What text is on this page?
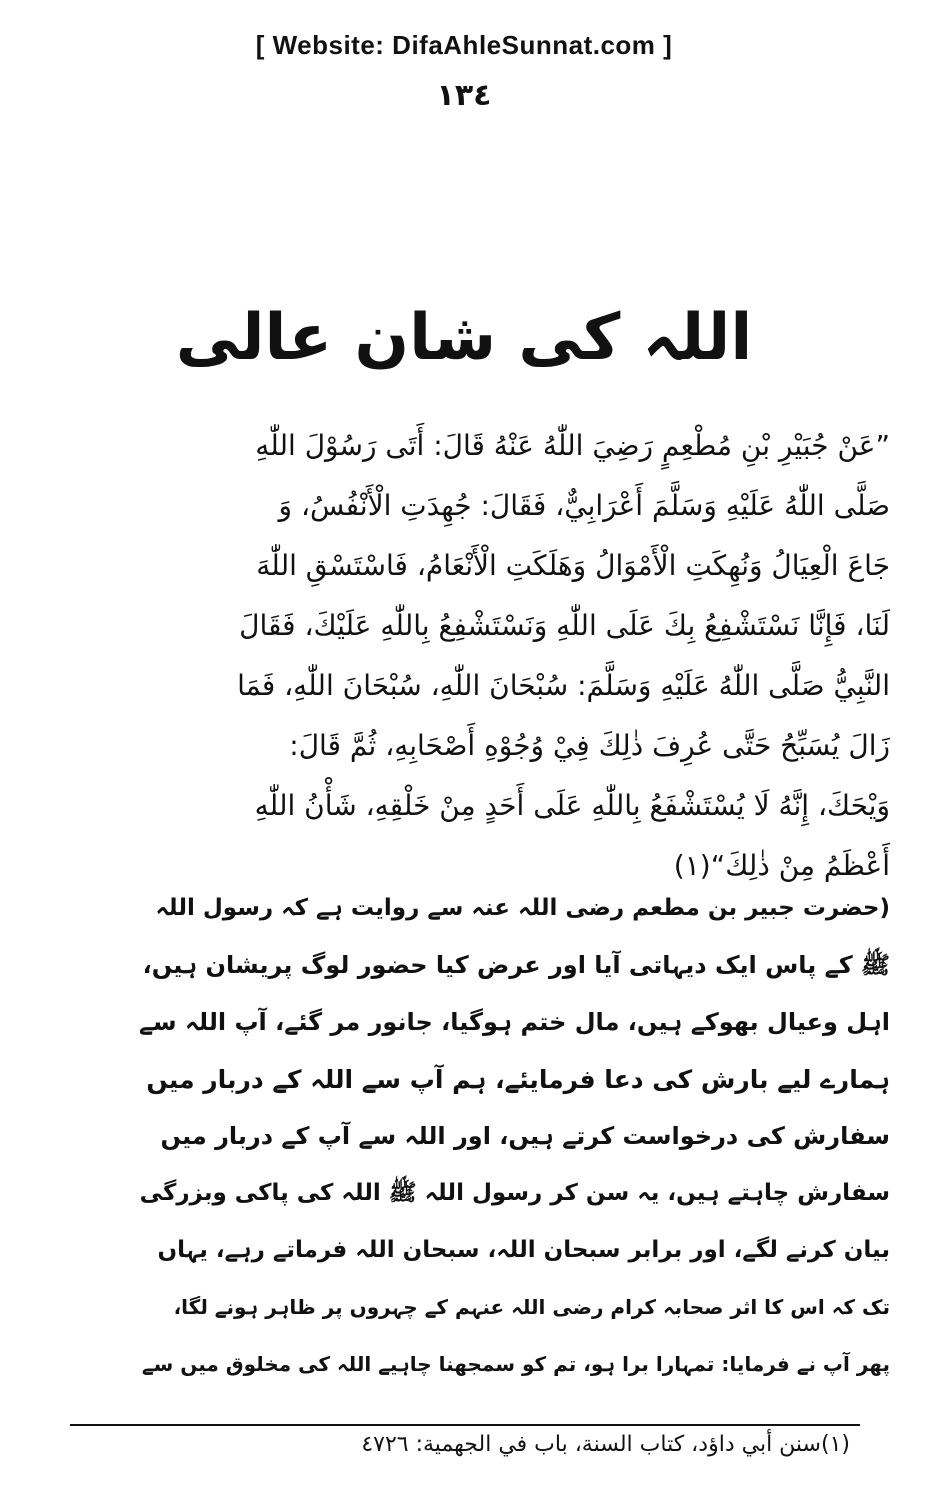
[ Website: DifaAhleSunnat.com ]
١٣٤
اللہ کی شان عالی
”عَنْ جُبَيْرِ بْنِ مُطْعِمٍ رَضِيَ اللّٰهُ عَنْهُ قَالَ: أَتَى رَسُوْلَ اللّٰهِ
صَلَّى اللّٰهُ عَلَيْهِ وَسَلَّمَ أَعْرَابِيٌّ، فَقَالَ: جُهِدَتِ الْأَنْفُسُ، وَ
جَاعَ الْعِيَالُ وَنُهِكَتِ الْأَمْوَالُ وَهَلَكَتِ الْأَنْعَامُ، فَاسْتَسْقِ اللّٰهَ
لَنَا، فَإِنَّا نَسْتَشْفِعُ بِكَ عَلَى اللّٰهِ وَنَسْتَشْفِعُ بِاللّٰهِ عَلَيْكَ، فَقَالَ
النَّبِيُّ صَلَّى اللّٰهُ عَلَيْهِ وَسَلَّمَ: سُبْحَانَ اللّٰهِ، سُبْحَانَ اللّٰهِ، فَمَا
زَالَ يُسَبِّحُ حَتَّى عُرِفَ ذٰلِكَ فِيْ وُجُوْهِ أَصْحَابِهِ، ثُمَّ قَالَ:
وَيْحَكَ، إِنَّهُ لَا يُسْتَشْفَعُ بِاللّٰهِ عَلَى أَحَدٍ مِنْ خَلْقِهِ، شَأْنُ اللّٰهِ
أَعْظَمُ مِنْ ذٰلِكَ“(١)
(حضرت جبیر بن مطعم رضی اللہ عنہ سے روایت ہے کہ رسول اللہ
ﷺ کے پاس ایک دیہاتی آیا اور عرض کیا حضور لوگ پریشان ہیں،
اہل وعیال بھوکے ہیں، مال ختم ہوگیا، جانور مر گئے، آپ اللہ سے
ہمارے لیے بارش کی دعا فرمایئے، ہم آپ سے اللہ کے دربار میں
سفارش کی درخواست کرتے ہیں، اور اللہ سے آپ کے دربار میں
سفارش چاہتے ہیں، یہ سن کر رسول اللہ ﷺ اللہ کی پاکی وبزرگی
بیان کرنے لگے، اور برابر سبحان اللہ، سبحان اللہ فرماتے رہے، یہاں
تک کہ اس کا اثر صحابہ کرام رضی اللہ عنہم کے چہروں پر ظاہر ہونے لگا،
پھر آپ نے فرمایا: تمہارا برا ہو، تم کو سمجھنا چاہیے اللہ کی مخلوق میں سے
(١)سنن أبي داؤد، كتاب السنة، باب في الجهمية: ٤٧٢٦
